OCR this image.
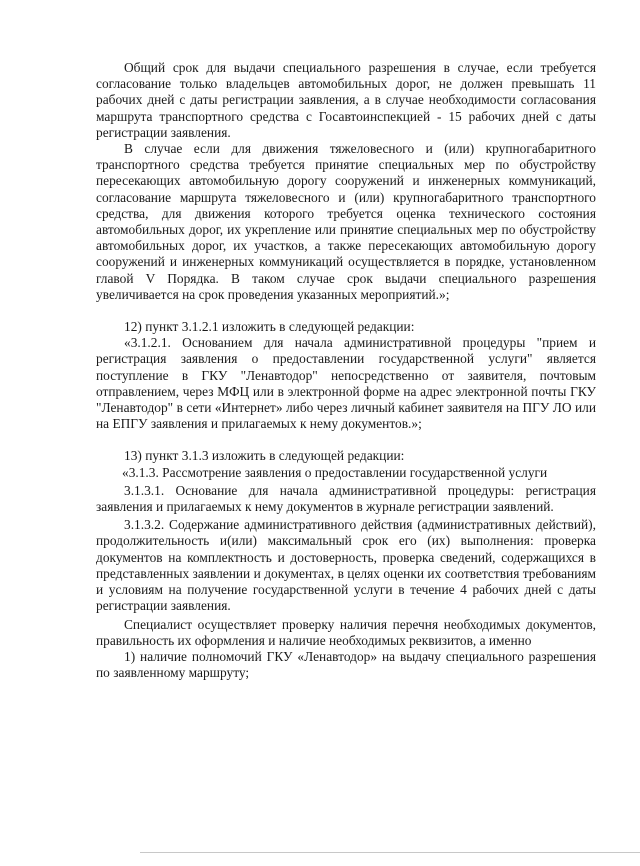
Общий срок для выдачи специального разрешения в случае, если требуется согласование только владельцев автомобильных дорог, не должен превышать 11 рабочих дней с даты регистрации заявления, а в случае необходимости согласования маршрута транспортного средства с Госавтоинспекцией - 15 рабочих дней с даты регистрации заявления.

В случае если для движения тяжеловесного и (или) крупногабаритного транспортного средства требуется принятие специальных мер по обустройству пересекающих автомобильную дорогу сооружений и инженерных коммуникаций, согласование маршрута тяжеловесного и (или) крупногабаритного транспортного средства, для движения которого требуется оценка технического состояния автомобильных дорог, их укрепление или принятие специальных мер по обустройству автомобильных дорог, их участков, а также пересекающих автомобильную дорогу сооружений и инженерных коммуникаций осуществляется в порядке, установленном главой V Порядка. В таком случае срок выдачи специального разрешения увеличивается на срок проведения указанных мероприятий.»;

12) пункт 3.1.2.1 изложить в следующей редакции:

«3.1.2.1. Основанием для начала административной процедуры "прием и регистрация заявления о предоставлении государственной услуги" является поступление в ГКУ "Ленавтодор" непосредственно от заявителя, почтовым отправлением, через МФЦ или в электронной форме на адрес электронной почты ГКУ "Ленавтодор" в сети «Интернет» либо через личный кабинет заявителя на ПГУ ЛО или на ЕПГУ заявления и прилагаемых к нему документов.»;

13) пункт 3.1.3 изложить в следующей редакции:

«3.1.3. Рассмотрение заявления о предоставлении государственной услуги

3.1.3.1. Основание для начала административной процедуры: регистрация заявления и прилагаемых к нему документов в журнале регистрации заявлений.

3.1.3.2. Содержание административного действия (административных действий), продолжительность и(или) максимальный срок его (их) выполнения: проверка документов на комплектность и достоверность, проверка сведений, содержащихся в представленных заявлении и документах, в целях оценки их соответствия требованиям и условиям на получение государственной услуги в течение 4 рабочих дней с даты регистрации заявления.

Специалист осуществляет проверку наличия перечня необходимых документов, правильность их оформления и наличие необходимых реквизитов, а именно

1) наличие полномочий ГКУ «Ленавтодор» на выдачу специального разрешения по заявленному маршруту;
